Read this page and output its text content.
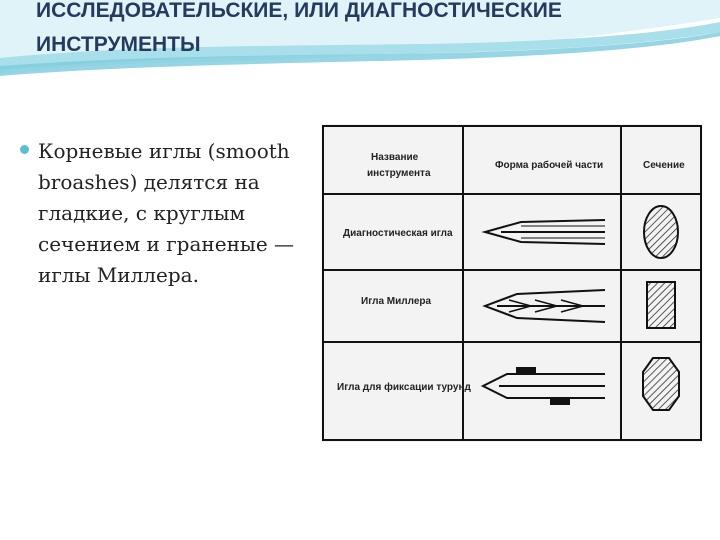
ИССЛЕДОВАТЕЛЬСКИЕ, ИЛИ ДИАГНОСТИЧЕСКИЕ
ИНСТРУМЕНТЫ
Корневые иглы (smooth broashes) делятся на гладкие, с круглым сечением и граненые — иглы Миллера.
Название
инструмента
Форма рабочей части	Сечение
Диагностическая игла
Игла Миллера
Игла для фиксации турунд
